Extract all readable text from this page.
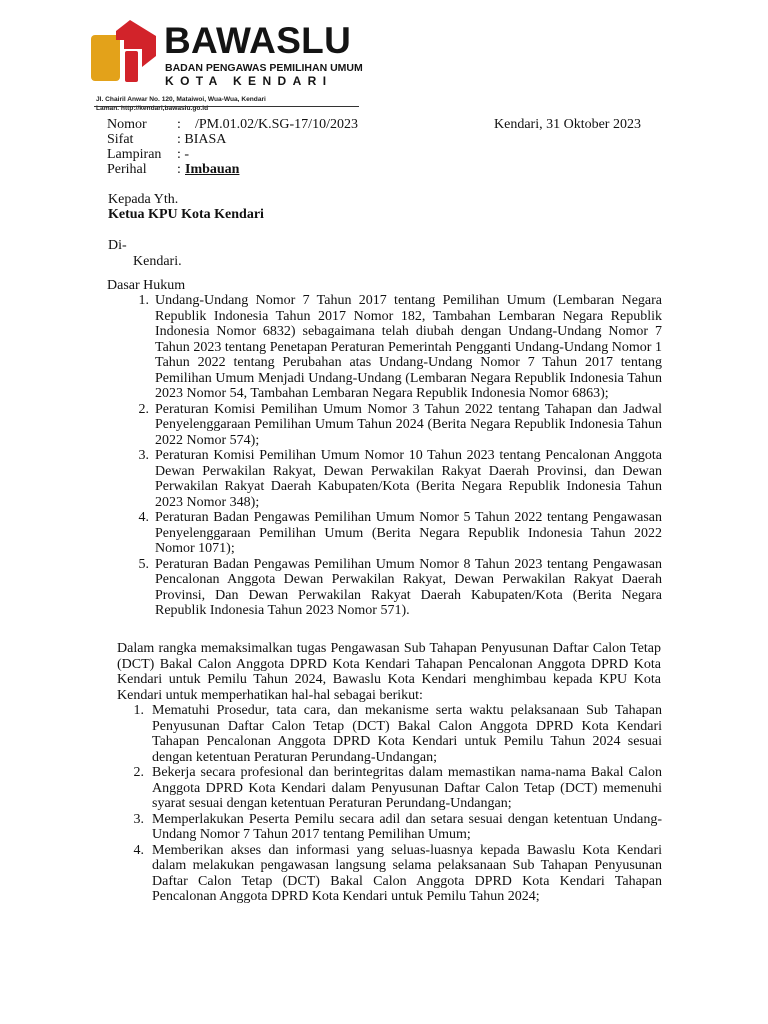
BAWASLU
BADAN PENGAWAS PEMILIHAN UMUM
KOTA KENDARI
Jl. Chairil Anwar No. 120, Mataiwoi, Wua-Wua, Kendari
Laman. http://kendari,bawaslu.go.id
Nomor	:	/PM.01.02/K.SG-17/10/2023
Sifat	: BIASA
Lampiran	: -
Perihal	: Imbauan
Kendari, 31 Oktober 2023
Kepada Yth.
Ketua KPU Kota Kendari
Di-
Kendari.
Dasar Hukum
1. Undang-Undang Nomor 7 Tahun 2017 tentang Pemilihan Umum (Lembaran Negara Republik Indonesia Tahun 2017 Nomor 182, Tambahan Lembaran Negara Republik Indonesia Nomor 6832) sebagaimana telah diubah dengan Undang-Undang Nomor 7 Tahun 2023 tentang Penetapan Peraturan Pemerintah Pengganti Undang-Undang Nomor 1 Tahun 2022 tentang Perubahan atas Undang-Undang Nomor 7 Tahun 2017 tentang Pemilihan Umum Menjadi Undang-Undang (Lembaran Negara Republik Indonesia Tahun 2023 Nomor 54, Tambahan Lembaran Negara Republik Indonesia Nomor 6863);
2. Peraturan Komisi Pemilihan Umum Nomor 3 Tahun 2022 tentang Tahapan dan Jadwal Penyelenggaraan Pemilihan Umum Tahun 2024 (Berita Negara Republik Indonesia Tahun 2022 Nomor 574);
3. Peraturan Komisi Pemilihan Umum Nomor 10 Tahun 2023 tentang Pencalonan Anggota Dewan Perwakilan Rakyat, Dewan Perwakilan Rakyat Daerah Provinsi, dan Dewan Perwakilan Rakyat Daerah Kabupaten/Kota (Berita Negara Republik Indonesia Tahun 2023 Nomor 348);
4. Peraturan Badan Pengawas Pemilihan Umum Nomor 5 Tahun 2022 tentang Pengawasan Penyelenggaraan Pemilihan Umum (Berita Negara Republik Indonesia Tahun 2022 Nomor 1071);
5. Peraturan Badan Pengawas Pemilihan Umum Nomor 8 Tahun 2023 tentang Pengawasan Pencalonan Anggota Dewan Perwakilan Rakyat, Dewan Perwakilan Rakyat Daerah Provinsi, Dan Dewan Perwakilan Rakyat Daerah Kabupaten/Kota (Berita Negara Republik Indonesia Tahun 2023 Nomor 571).

Dalam rangka memaksimalkan tugas Pengawasan Sub Tahapan Penyusunan Daftar Calon Tetap (DCT) Bakal Calon Anggota DPRD Kota Kendari Tahapan Pencalonan Anggota DPRD Kota Kendari untuk Pemilu Tahun 2024, Bawaslu Kota Kendari menghimbau kepada KPU Kota Kendari untuk memperhatikan hal-hal sebagai berikut:

1. Mematuhi Prosedur, tata cara, dan mekanisme serta waktu pelaksanaan Sub Tahapan Penyusunan Daftar Calon Tetap (DCT) Bakal Calon Anggota DPRD Kota Kendari Tahapan Pencalonan Anggota DPRD Kota Kendari untuk Pemilu Tahun 2024 sesuai dengan ketentuan Peraturan Perundang-Undangan;
2. Bekerja secara profesional dan berintegritas dalam memastikan nama-nama Bakal Calon Anggota DPRD Kota Kendari dalam Penyusunan Daftar Calon Tetap (DCT) memenuhi syarat sesuai dengan ketentuan Peraturan Perundang-Undangan;
3. Memperlakukan Peserta Pemilu secara adil dan setara sesuai dengan ketentuan Undang-Undang Nomor 7 Tahun 2017 tentang Pemilihan Umum;
4. Memberikan akses dan informasi yang seluas-luasnya kepada Bawaslu Kota Kendari dalam melakukan pengawasan langsung selama pelaksanaan Sub Tahapan Penyusunan Daftar Calon Tetap (DCT) Bakal Calon Anggota DPRD Kota Kendari Tahapan Pencalonan Anggota DPRD Kota Kendari untuk Pemilu Tahun 2024;
